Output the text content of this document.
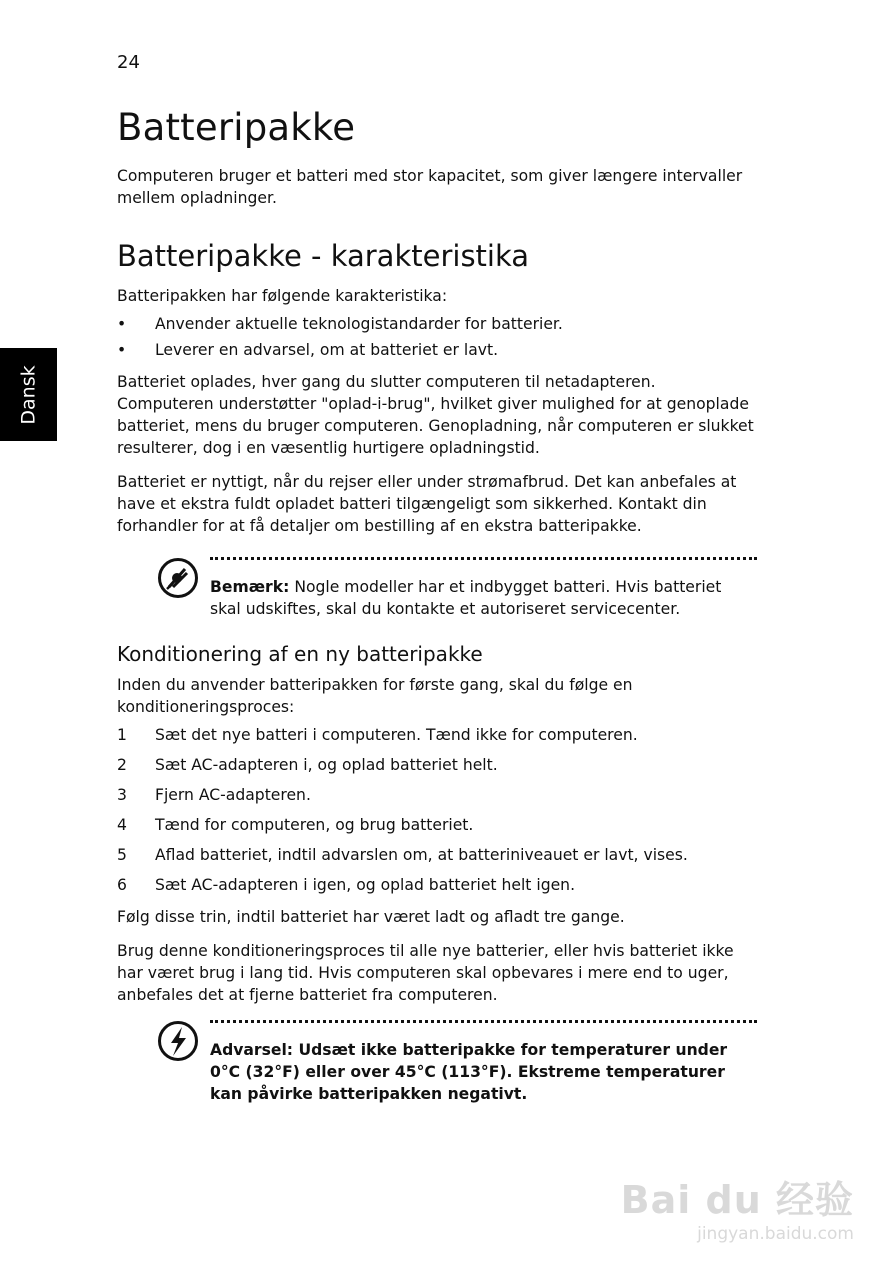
24
Dansk
Batteripakke

Computeren bruger et batteri med stor kapacitet, som giver længere intervaller mellem opladninger.

Batteripakke - karakteristika

Batteripakken har følgende karakteristika:

•	Anvender aktuelle teknologistandarder for batterier.
•	Leverer en advarsel, om at batteriet er lavt.

Batteriet oplades, hver gang du slutter computeren til netadapteren. Computeren understøtter "oplad-i-brug", hvilket giver mulighed for at genoplade batteriet, mens du bruger computeren. Genopladning, når computeren er slukket resulterer, dog i en væsentlig hurtigere opladningstid.

Batteriet er nyttigt, når du rejser eller under strømafbrud. Det kan anbefales at have et ekstra fuldt opladet batteri tilgængeligt som sikkerhed. Kontakt din forhandler for at få detaljer om bestilling af en ekstra batteripakke.

Bemærk: Nogle modeller har et indbygget batteri. Hvis batteriet skal udskiftes, skal du kontakte et autoriseret servicecenter.

Konditionering af en ny batteripakke

Inden du anvender batteripakken for første gang, skal du følge en konditioneringsproces:

1	Sæt det nye batteri i computeren. Tænd ikke for computeren.
2	Sæt AC-adapteren i, og oplad batteriet helt.
3	Fjern AC-adapteren.
4	Tænd for computeren, og brug batteriet.
5	Aflad batteriet, indtil advarslen om, at batteriniveauet er lavt, vises.
6	Sæt AC-adapteren i igen, og oplad batteriet helt igen.

Følg disse trin, indtil batteriet har været ladt og afladt tre gange.

Brug denne konditioneringsproces til alle nye batterier, eller hvis batteriet ikke har været brug i lang tid. Hvis computeren skal opbevares i mere end to uger, anbefales det at fjerne batteriet fra computeren.

Advarsel: Udsæt ikke batteripakke for temperaturer under 0°C (32°F) eller over 45°C (113°F). Ekstreme temperaturer kan påvirke batteripakken negativt.

Bai du 经验
jingyan.baidu.com
